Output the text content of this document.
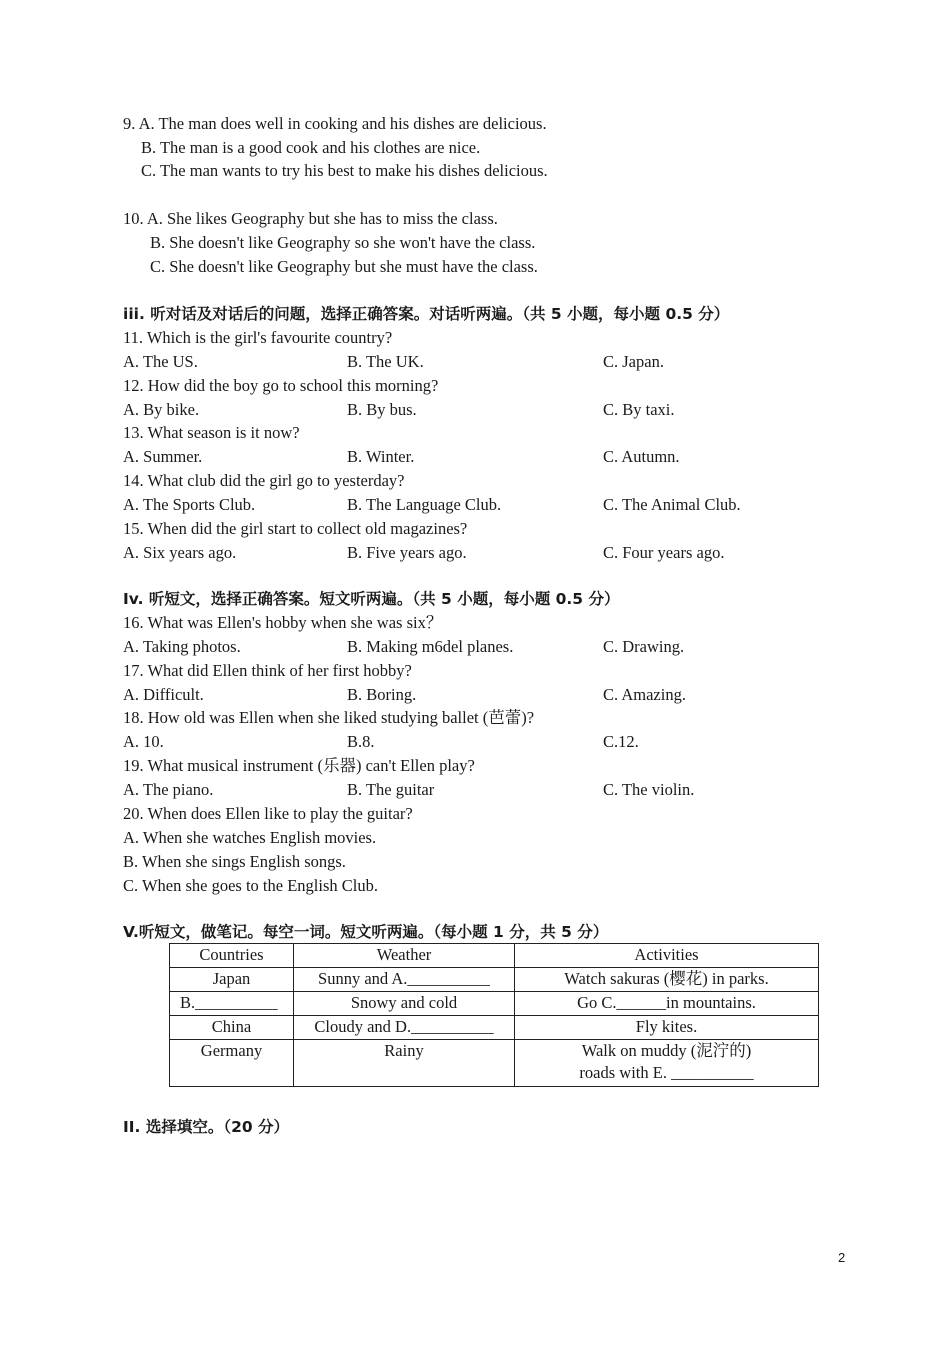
9. A. The man does well in cooking and his dishes are delicious.
B. The man is a good cook and his clothes are nice.
C. The man wants to try his best to make his dishes delicious.
10. A. She likes Geography but she has to miss the class.
B. She doesn't like Geography so she won't have the class.
C. She doesn't like Geography but she must have the class.
iii. 听对话及对话后的问题，选择正确答案。对话听两遍。（共 5 小题，每小题 0.5 分）
11. Which is the girl's favourite country?
A. The US.	B. The UK.	C. Japan.
12. How did the boy go to school this morning?
A. By bike.	B. By bus.	C. By taxi.
13. What season is it now?
A. Summer.	B. Winter.	C. Autumn.
14. What club did the girl go to yesterday?
A. The Sports Club.	B. The Language Club.	C. The Animal Club.
15. When did the girl start to collect old magazines?
A. Six years ago.	B. Five years ago.	C. Four years ago.
Iv. 听短文，选择正确答案。短文听两遍。（共 5 小题，每小题 0.5 分）
16. What was Ellen's hobby when she was six？
A. Taking photos.	B. Making m6del planes.	C. Drawing.
17. What did Ellen think of her first hobby?
A. Difficult.	B. Boring.	C. Amazing.
18. How old was Ellen when she liked studying ballet (芭蕾)?
A. 10.	B.8.	C.12.
19. What musical instrument (乐器) can't Ellen play?
A. The piano.	B. The guitar	C. The violin.
20. When does Ellen like to play the guitar?
A. When she watches English movies.
B. When she sings English songs.
C. When she goes to the English Club.
V.听短文，做笔记。每空一词。短文听两遍。（每小题 1 分，共 5 分）
Countries	Weather	Activities
Japan	Sunny and A.__________	Watch sakuras (樱花) in parks.
B.__________	Snowy and cold	Go C.______in mountains.
China	Cloudy and D.__________	Fly kites.
Germany	Rainy	Walk on muddy (泥泞的)
roads with E. __________
II. 选择填空。（20 分）
2
